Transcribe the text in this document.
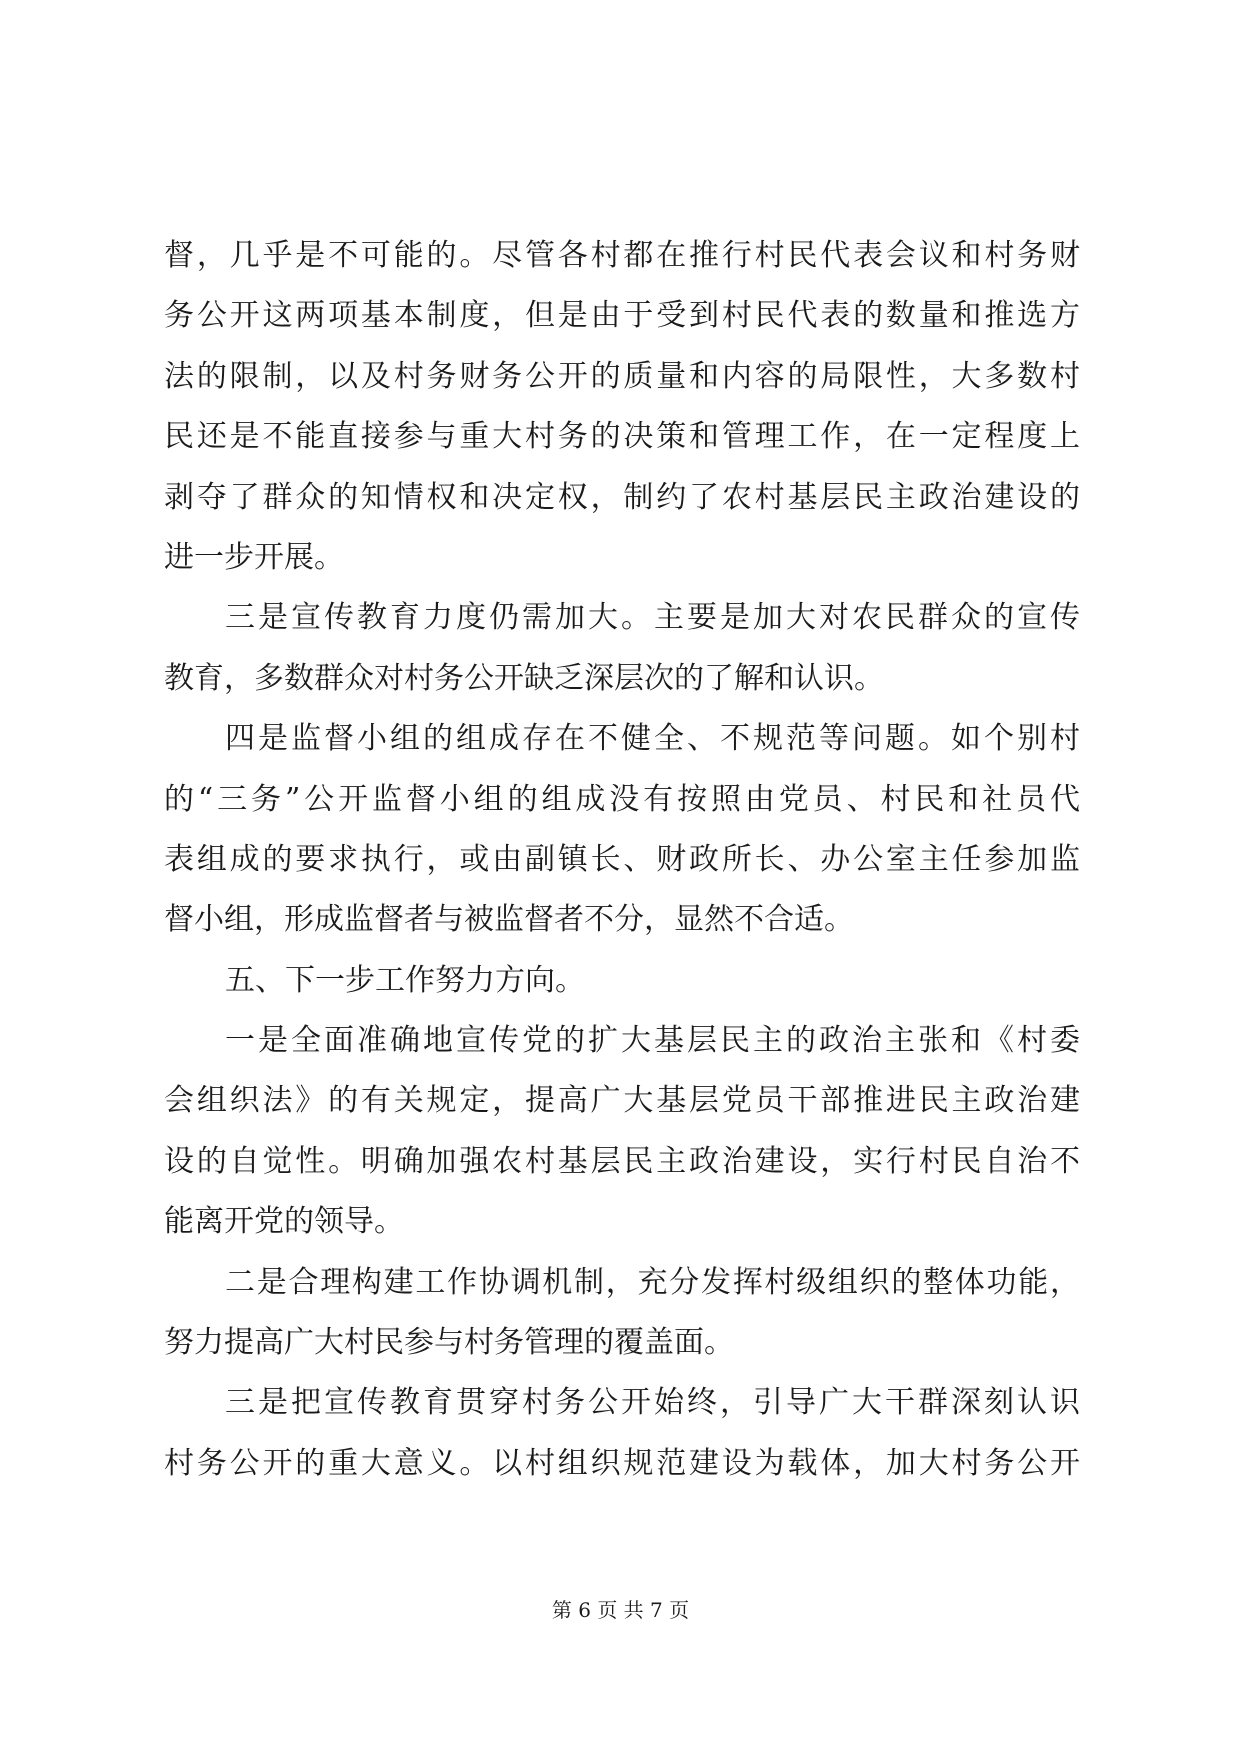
督，几乎是不可能的。尽管各村都在推行村民代表会议和村务财
务公开这两项基本制度，但是由于受到村民代表的数量和推选方
法的限制，以及村务财务公开的质量和内容的局限性，大多数村
民还是不能直接参与重大村务的决策和管理工作，在一定程度上
剥夺了群众的知情权和决定权，制约了农村基层民主政治建设的
进一步开展。
三是宣传教育力度仍需加大。主要是加大对农民群众的宣传
教育，多数群众对村务公开缺乏深层次的了解和认识。
四是监督小组的组成存在不健全、不规范等问题。如个别村
的“三务”公开监督小组的组成没有按照由党员、村民和社员代
表组成的要求执行，或由副镇长、财政所长、办公室主任参加监
督小组，形成监督者与被监督者不分，显然不合适。
五、下一步工作努力方向。
一是全面准确地宣传党的扩大基层民主的政治主张和《村委
会组织法》的有关规定，提高广大基层党员干部推进民主政治建
设的自觉性。明确加强农村基层民主政治建设，实行村民自治不
能离开党的领导。
二是合理构建工作协调机制，充分发挥村级组织的整体功能，
努力提高广大村民参与村务管理的覆盖面。
三是把宣传教育贯穿村务公开始终，引导广大干群深刻认识
村务公开的重大意义。以村组织规范建设为载体，加大村务公开
第 6 页 共 7 页
